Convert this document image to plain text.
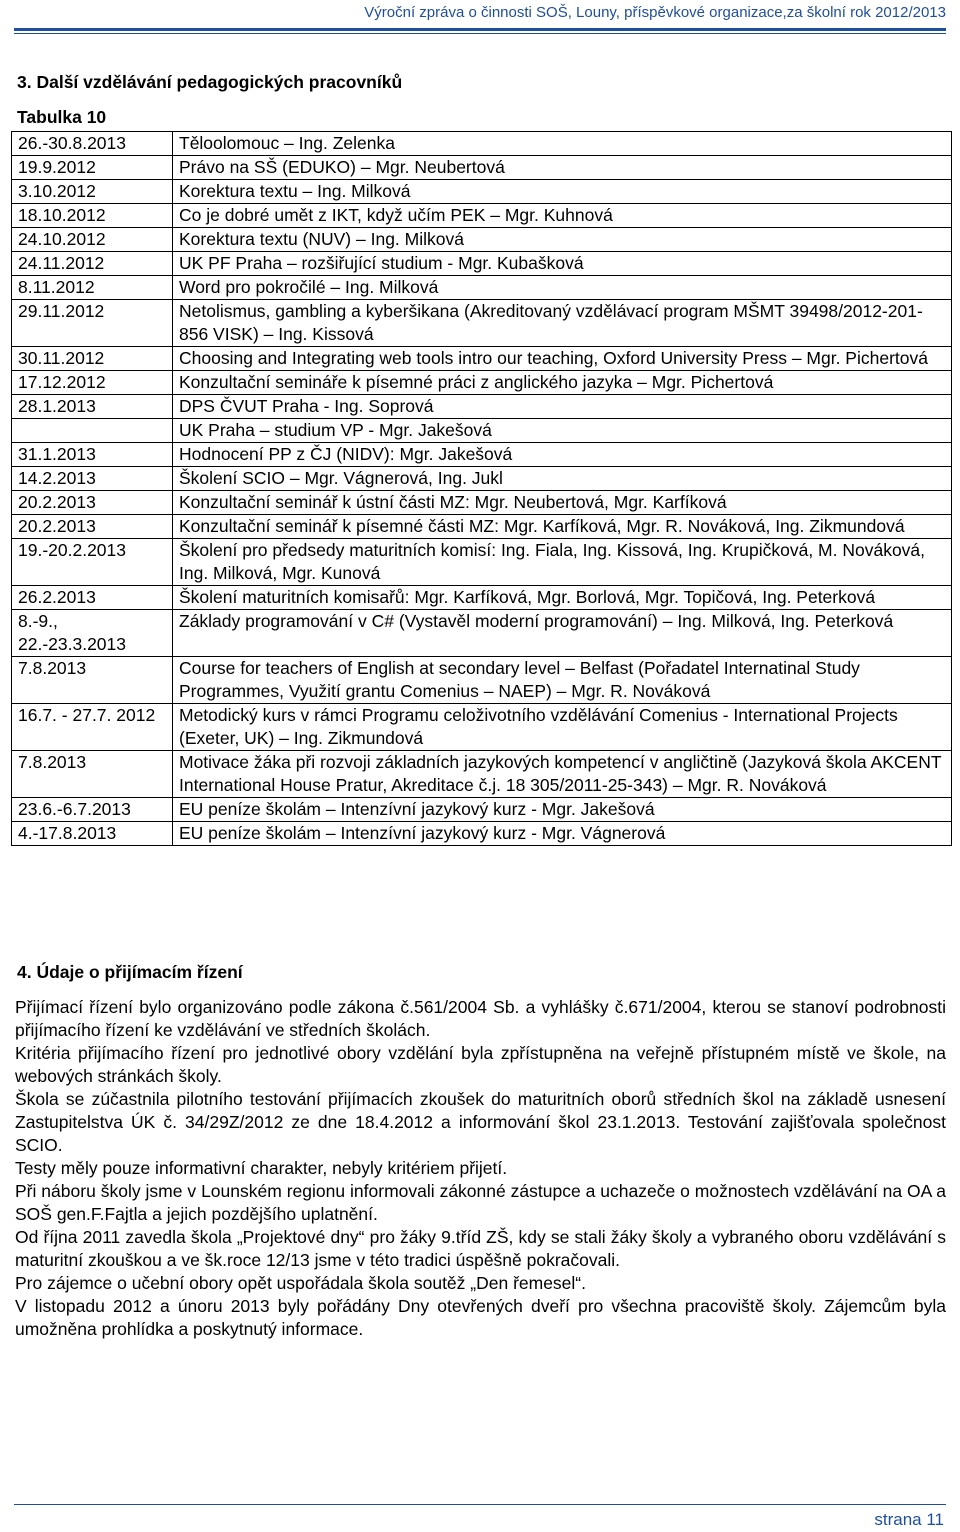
Výroční zpráva o činnosti SOŠ, Louny, příspěvkové organizace,za školní rok 2012/2013
3. Další vzdělávání pedagogických pracovníků
Tabulka 10
26.-30.8.2013	Těloolomouc – Ing. Zelenka
19.9.2012	Právo na SŠ (EDUKO) – Mgr. Neubertová
3.10.2012	Korektura textu – Ing. Milková
18.10.2012	Co je dobré umět z IKT, když učím PEK – Mgr. Kuhnová
24.10.2012	Korektura textu (NUV) – Ing. Milková
24.11.2012	UK PF Praha – rozšiřující studium - Mgr. Kubašková
8.11.2012	Word pro pokročilé – Ing. Milková
29.11.2012	Netolismus, gambling a kyberšikana (Akreditovaný vzdělávací program MŠMT 39498/2012-201-856 VISK) – Ing. Kissová
30.11.2012	Choosing and Integrating web tools intro our teaching, Oxford University Press – Mgr. Pichertová
17.12.2012	Konzultační semináře k písemné práci z anglického jazyka – Mgr. Pichertová
28.1.2013	DPS ČVUT Praha - Ing. Soprová
	UK Praha – studium VP - Mgr. Jakešová
31.1.2013	Hodnocení PP z ČJ (NIDV): Mgr. Jakešová
14.2.2013	Školení SCIO – Mgr. Vágnerová, Ing. Jukl
20.2.2013	Konzultační seminář k ústní části MZ: Mgr. Neubertová, Mgr. Karfíková
20.2.2013	Konzultační seminář k písemné části MZ: Mgr. Karfíková, Mgr. R. Nováková, Ing. Zikmundová
19.-20.2.2013	Školení pro předsedy maturitních komisí: Ing. Fiala, Ing. Kissová, Ing. Krupičková, M. Nováková, Ing. Milková, Mgr. Kunová
26.2.2013	Školení maturitních komisařů: Mgr. Karfíková, Mgr. Borlová, Mgr. Topičová, Ing. Peterková
8.-9., 22.-23.3.2013	Základy programování v C# (Vystavěl moderní programování) – Ing. Milková, Ing. Peterková
7.8.2013	Course for teachers of English at secondary level – Belfast (Pořadatel Internatinal Study Programmes, Využití grantu Comenius – NAEP) – Mgr. R. Nováková
16.7. - 27.7. 2012	Metodický kurs v rámci Programu celoživotního vzdělávání Comenius - International Projects (Exeter, UK) – Ing. Zikmundová
7.8.2013	Motivace žáka při rozvoji základních jazykových kompetencí v angličtině (Jazyková škola AKCENT International House Pratur, Akreditace č.j. 18 305/2011-25-343) – Mgr. R. Nováková
23.6.-6.7.2013	EU peníze školám – Intenzívní jazykový kurz - Mgr. Jakešová
4.-17.8.2013	EU peníze školám – Intenzívní jazykový kurz - Mgr. Vágnerová
4. Údaje o přijímacím řízení

Přijímací řízení bylo organizováno podle zákona č.561/2004 Sb. a vyhlášky č.671/2004, kterou se stanoví podrobnosti přijímacího řízení ke vzdělávání ve středních školách.

Kritéria přijímacího řízení pro jednotlivé obory vzdělání byla zpřístupněna na veřejně přístupném místě ve škole, na webových stránkách školy.

Škola se zúčastnila pilotního testování přijímacích zkoušek do maturitních oborů středních škol na základě usnesení Zastupitelstva ÚK č. 34/29Z/2012 ze dne 18.4.2012 a informování škol 23.1.2013. Testování zajišťovala společnost SCIO.

Testy měly pouze informativní charakter, nebyly kritériem přijetí.

Při náboru školy jsme v Lounském regionu informovali zákonné zástupce a uchazeče o možnostech vzdělávání na OA a SOŠ gen.F.Fajtla a jejich pozdějšího uplatnění.

Od října 2011 zavedla škola „Projektové dny“ pro žáky 9.tříd ZŠ, kdy se stali žáky školy a vybraného oboru vzdělávání s maturitní zkouškou a ve šk.roce 12/13 jsme v této tradici úspěšně pokračovali.

Pro zájemce o učební obory opět uspořádala škola soutěž „Den řemesel“.

V listopadu 2012 a únoru 2013 byly pořádány Dny otevřených dveří pro všechna pracoviště školy. Zájemcům byla umožněna prohlídka a poskytnutý informace.

strana 11
